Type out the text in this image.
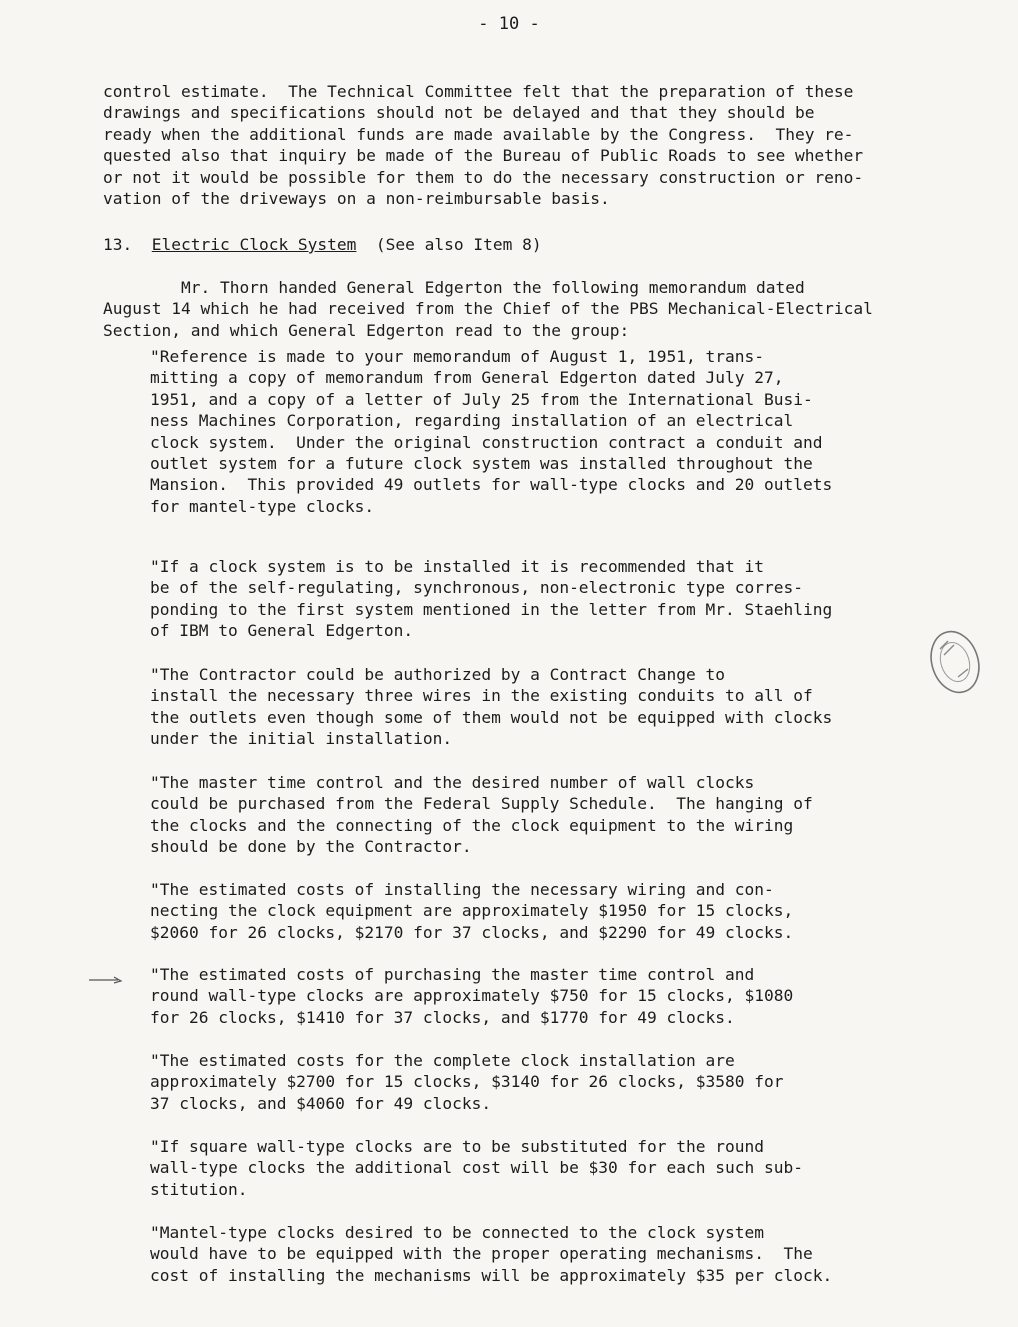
- 10 -
control estimate.  The Technical Committee felt that the preparation of these
drawings and specifications should not be delayed and that they should be
ready when the additional funds are made available by the Congress.  They re-
quested also that inquiry be made of the Bureau of Public Roads to see whether
or not it would be possible for them to do the necessary construction or reno-
vation of the driveways on a non-reimbursable basis.
13. Electric Clock System (See also Item 8)
Mr. Thorn handed General Edgerton the following memorandum dated
August 14 which he had received from the Chief of the PBS Mechanical-Electrical
Section, and which General Edgerton read to the group:
"Reference is made to your memorandum of August 1, 1951, trans-
mitting a copy of memorandum from General Edgerton dated July 27,
1951, and a copy of a letter of July 25 from the International Busi-
ness Machines Corporation, regarding installation of an electrical
clock system.  Under the original construction contract a conduit and
outlet system for a future clock system was installed throughout the
Mansion.  This provided 49 outlets for wall-type clocks and 20 outlets
for mantel-type clocks.
"If a clock system is to be installed it is recommended that it
be of the self-regulating, synchronous, non-electronic type corres-
ponding to the first system mentioned in the letter from Mr. Staehling
of IBM to General Edgerton.
"The Contractor could be authorized by a Contract Change to
install the necessary three wires in the existing conduits to all of
the outlets even though some of them would not be equipped with clocks
under the initial installation.
"The master time control and the desired number of wall clocks
could be purchased from the Federal Supply Schedule.  The hanging of
the clocks and the connecting of the clock equipment to the wiring
should be done by the Contractor.
"The estimated costs of installing the necessary wiring and con-
necting the clock equipment are approximately $1950 for 15 clocks,
$2060 for 26 clocks, $2170 for 37 clocks, and $2290 for 49 clocks.
"The estimated costs of purchasing the master time control and
round wall-type clocks are approximately $750 for 15 clocks, $1080
for 26 clocks, $1410 for 37 clocks, and $1770 for 49 clocks.
"The estimated costs for the complete clock installation are
approximately $2700 for 15 clocks, $3140 for 26 clocks, $3580 for
37 clocks, and $4060 for 49 clocks.
"If square wall-type clocks are to be substituted for the round
wall-type clocks the additional cost will be $30 for each such sub-
stitution.
"Mantel-type clocks desired to be connected to the clock system
would have to be equipped with the proper operating mechanisms.  The
cost of installing the mechanisms will be approximately $35 per clock.
